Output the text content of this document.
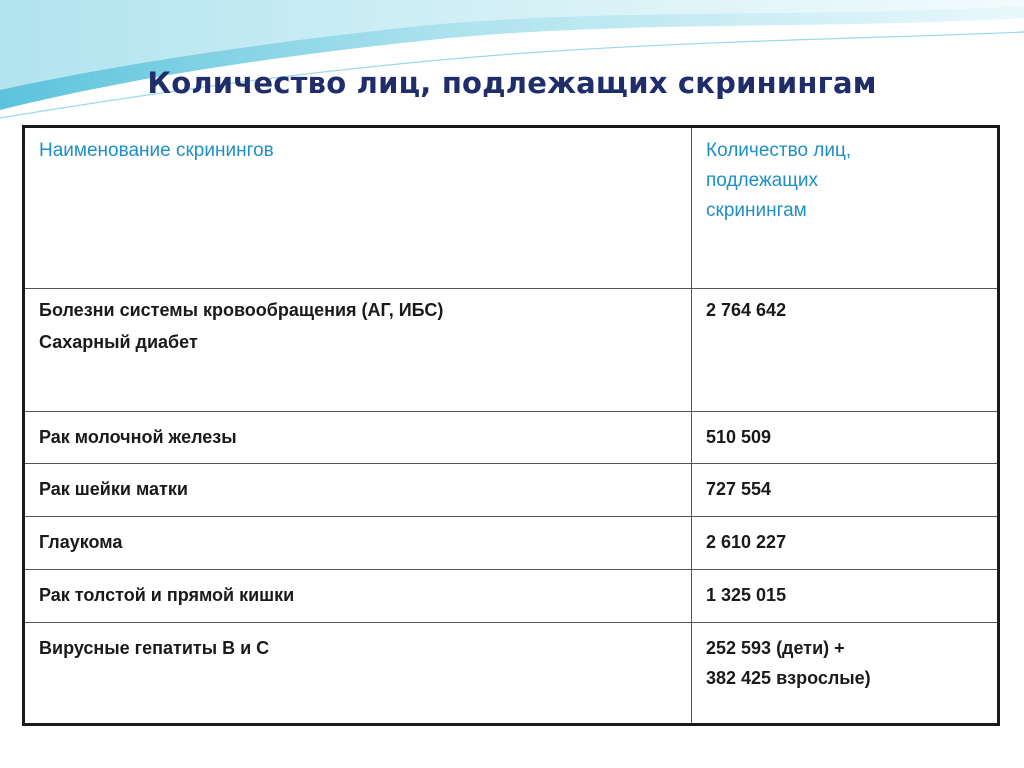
Количество лиц, подлежащих скринингам
Наименование скринингов	Количество лиц,
подлежащих
скринингам

Болезни системы кровообращения (АГ, ИБС)
Сахарный диабет	2 764 642

Рак молочной железы	510 509

Рак шейки матки	727 554

Глаукома	2 610 227

Рак толстой и прямой кишки	1 325 015

Вирусные гепатиты В и С	252 593 (дети) +
382 425 взрослые)
